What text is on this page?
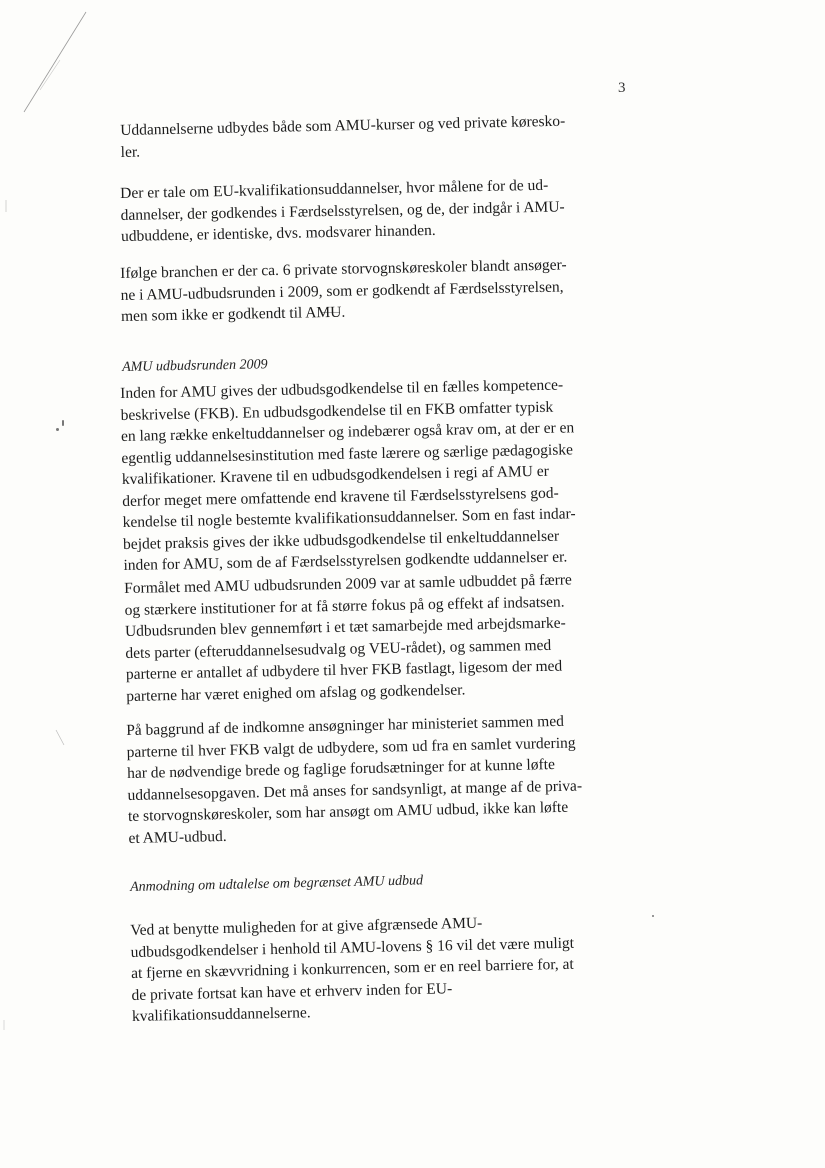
3

Uddannelserne udbydes både som AMU-kurser og ved private køresko-
ler.

Der er tale om EU-kvalifikationsuddannelser, hvor målene for de ud-
dannelser, der godkendes i Færdselsstyrelsen, og de, der indgår i AMU-
udbuddene, er identiske, dvs. modsvarer hinanden.

Ifølge branchen er der ca. 6 private storvognskøreskoler blandt ansøger-
ne i AMU-udbudsrunden i 2009, som er godkendt af Færdselsstyrelsen,
men som ikke er godkendt til AMU.

AMU udbudsrunden 2009

Inden for AMU gives der udbudsgodkendelse til en fælles kompetence-
beskrivelse (FKB). En udbudsgodkendelse til en FKB omfatter typisk
en lang række enkeltuddannelser og indebærer også krav om, at der er en
egentlig uddannelsesinstitution med faste lærere og særlige pædagogiske
kvalifikationer. Kravene til en udbudsgodkendelsen i regi af AMU er
derfor meget mere omfattende end kravene til Færdselsstyrelsens god-
kendelse til nogle bestemte kvalifikationsuddannelser. Som en fast indar-
bejdet praksis gives der ikke udbudsgodkendelse til enkeltuddannelser
inden for AMU, som de af Færdselsstyrelsen godkendte uddannelser er.

Formålet med AMU udbudsrunden 2009 var at samle udbuddet på færre
og stærkere institutioner for at få større fokus på og effekt af indsatsen.
Udbudsrunden blev gennemført i et tæt samarbejde med arbejdsmarke-
dets parter (efteruddannelsesudvalg og VEU-rådet), og sammen med
parterne er antallet af udbydere til hver FKB fastlagt, ligesom der med
parterne har været enighed om afslag og godkendelser.

På baggrund af de indkomne ansøgninger har ministeriet sammen med
parterne til hver FKB valgt de udbydere, som ud fra en samlet vurdering
har de nødvendige brede og faglige forudsætninger for at kunne løfte
uddannelsesopgaven. Det må anses for sandsynligt, at mange af de priva-
te storvognskøreskoler, som har ansøgt om AMU udbud, ikke kan løfte
et AMU-udbud.

Anmodning om udtalelse om begrænset AMU udbud

Ved at benytte muligheden for at give afgrænsede AMU-
udbudsgodkendelser i henhold til AMU-lovens § 16 vil det være muligt
at fjerne en skævvridning i konkurrencen, som er en reel barriere for, at
de private fortsat kan have et erhverv inden for EU-
kvalifikationsuddannelserne.
